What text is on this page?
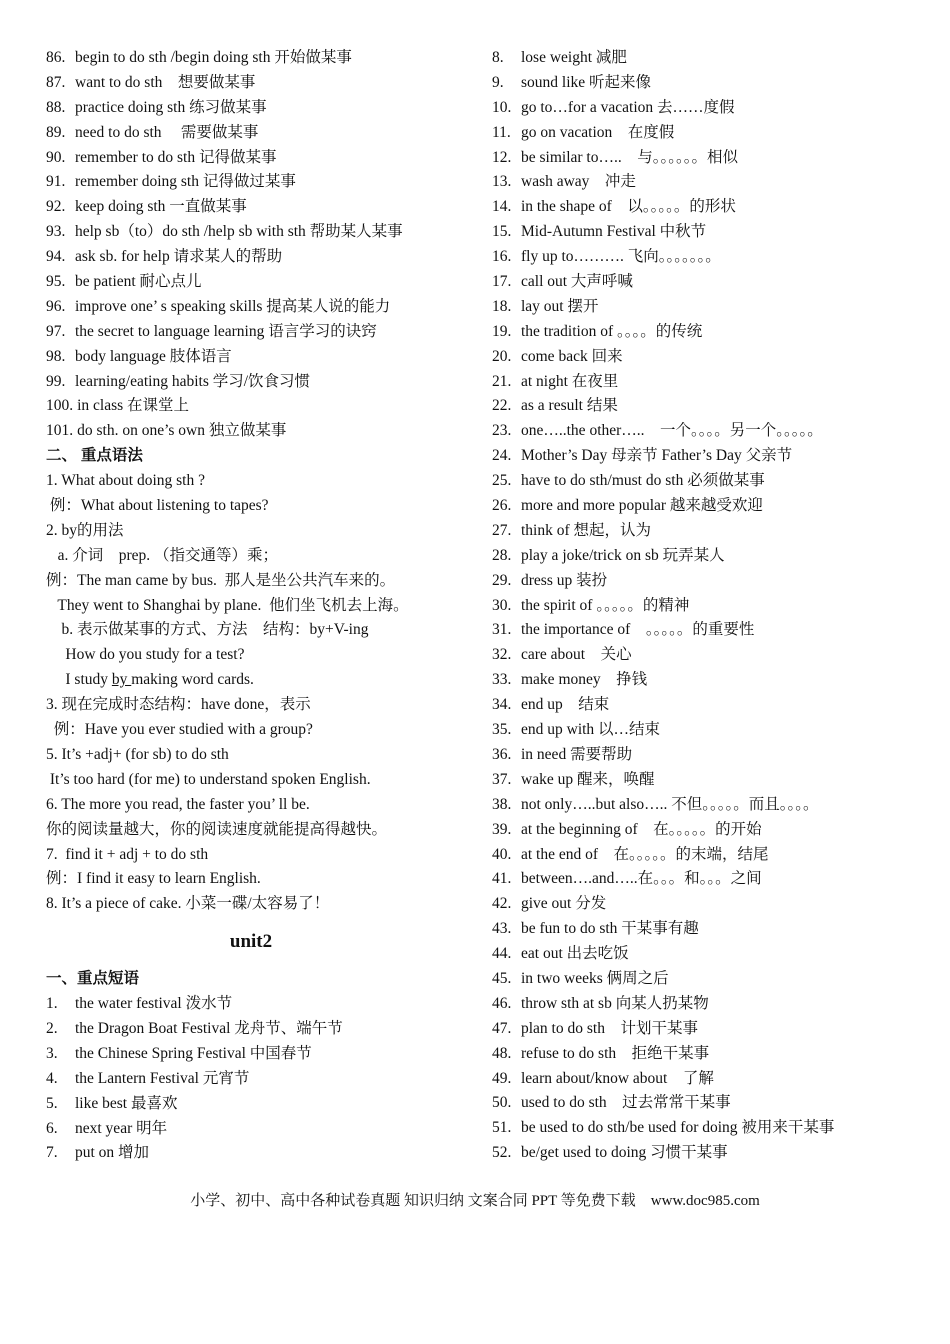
86. begin to do sth /begin doing sth 开始做某事
87. want to do sth　想要做某事
88. practice doing sth 练习做某事
89. need to do sth　 需要做某事
90. remember to do sth 记得做某事
91. remember doing sth 记得做过某事
92. keep doing sth 一直做某事
93. help sb（to）do sth /help sb with sth 帮助某人某事
94. ask sb. for help 请求某人的帮助
95. be patient 耐心点儿
96. improve one’ s speaking skills 提高某人说的能力
97. the secret to language learning 语言学习的诀窍
98. body language 肢体语言
99. learning/eating habits 学习/饮食习惯
100. in class 在课堂上
101. do sth. on one’s own 独立做某事
二、 重点语法
1. What about doing sth ?
例：What about listening to tapes?
2. by的用法
a. 介词　prep. （指交通等）乘；
例：The man came by bus.  那人是坐公共汽车来的。
They went to Shanghai by plane.  他们坐飞机去上海。
b. 表示做某事的方式、方法　结构：by+V-ing
How do you study for a test?
I study by making word cards.
3. 现在完成时态结构：have done，表示
例：Have you ever studied with a group?
5. It’s +adj+ (for sb) to do sth
It’s too hard (for me) to understand spoken English.
6. The more you read, the faster you’ ll be.
你的阅读量越大，你的阅读速度就能提高得越快。
7.  find it + adj + to do sth
例：I find it easy to learn English.
8. It’s a piece of cake. 小菜一碟/太容易了！
unit2
一、重点短语
1. the water festival 泼水节
2. the Dragon Boat Festival 龙舟节、端午节
3. the Chinese Spring Festival 中国春节
4. the Lantern Festival 元宵节
5. like best 最喜欢
6. next year 明年
7. put on 增加
8. lose weight 减肥
9. sound like 听起来像
10. go to…for a vacation 去……度假
11. go on vacation　在度假
12. be similar to…..　与。。。。。。相似
13. wash away　冲走
14. in the shape of　以。。。。。的形状
15. Mid-Autumn Festival 中秋节
16. fly up to………. 飞向。。。。。。。
17. call out 大声呼喊
18. lay out 摆开
19. the tradition of 。。。。的传统
20. come back 回来
21. at night 在夜里
22. as a result 结果
23. one…..the other…..　一个。。。。另一个。。。。。
24. Mother’s Day 母亲节 Father’s Day 父亲节
25. have to do sth/must do sth 必须做某事
26. more and more popular 越来越受欢迎
27. think of 想起，认为
28. play a joke/trick on sb 玩弄某人
29. dress up 装扮
30. the spirit of 。。。。。的精神
31. the importance of　。。。。。的重要性
32. care about　关心
33. make money　挣钱
34. end up　结束
35. end up with 以…结束
36. in need 需要帮助
37. wake up 醒来，唤醒
38. not only…..but also….. 不但。。。。。而且。。。。
39. at the beginning of　在。。。。。的开始
40. at the end of　在。。。。。的末端，结尾
41. between….and…..在。。。和。。。之间
42. give out 分发
43. be fun to do sth 干某事有趣
44. eat out 出去吃饭
45. in two weeks 俩周之后
46. throw sth at sb 向某人扔某物
47. plan to do sth　计划干某事
48. refuse to do sth　拒绝干某事
49. learn about/know about　了解
50. used to do sth　过去常常干某事
51. be used to do sth/be used for doing 被用来干某事
52. be/get used to doing 习惯干某事
小学、初中、高中各种试卷真题 知识归纳 文案合同 PPT 等免费下载　www.doc985.com
